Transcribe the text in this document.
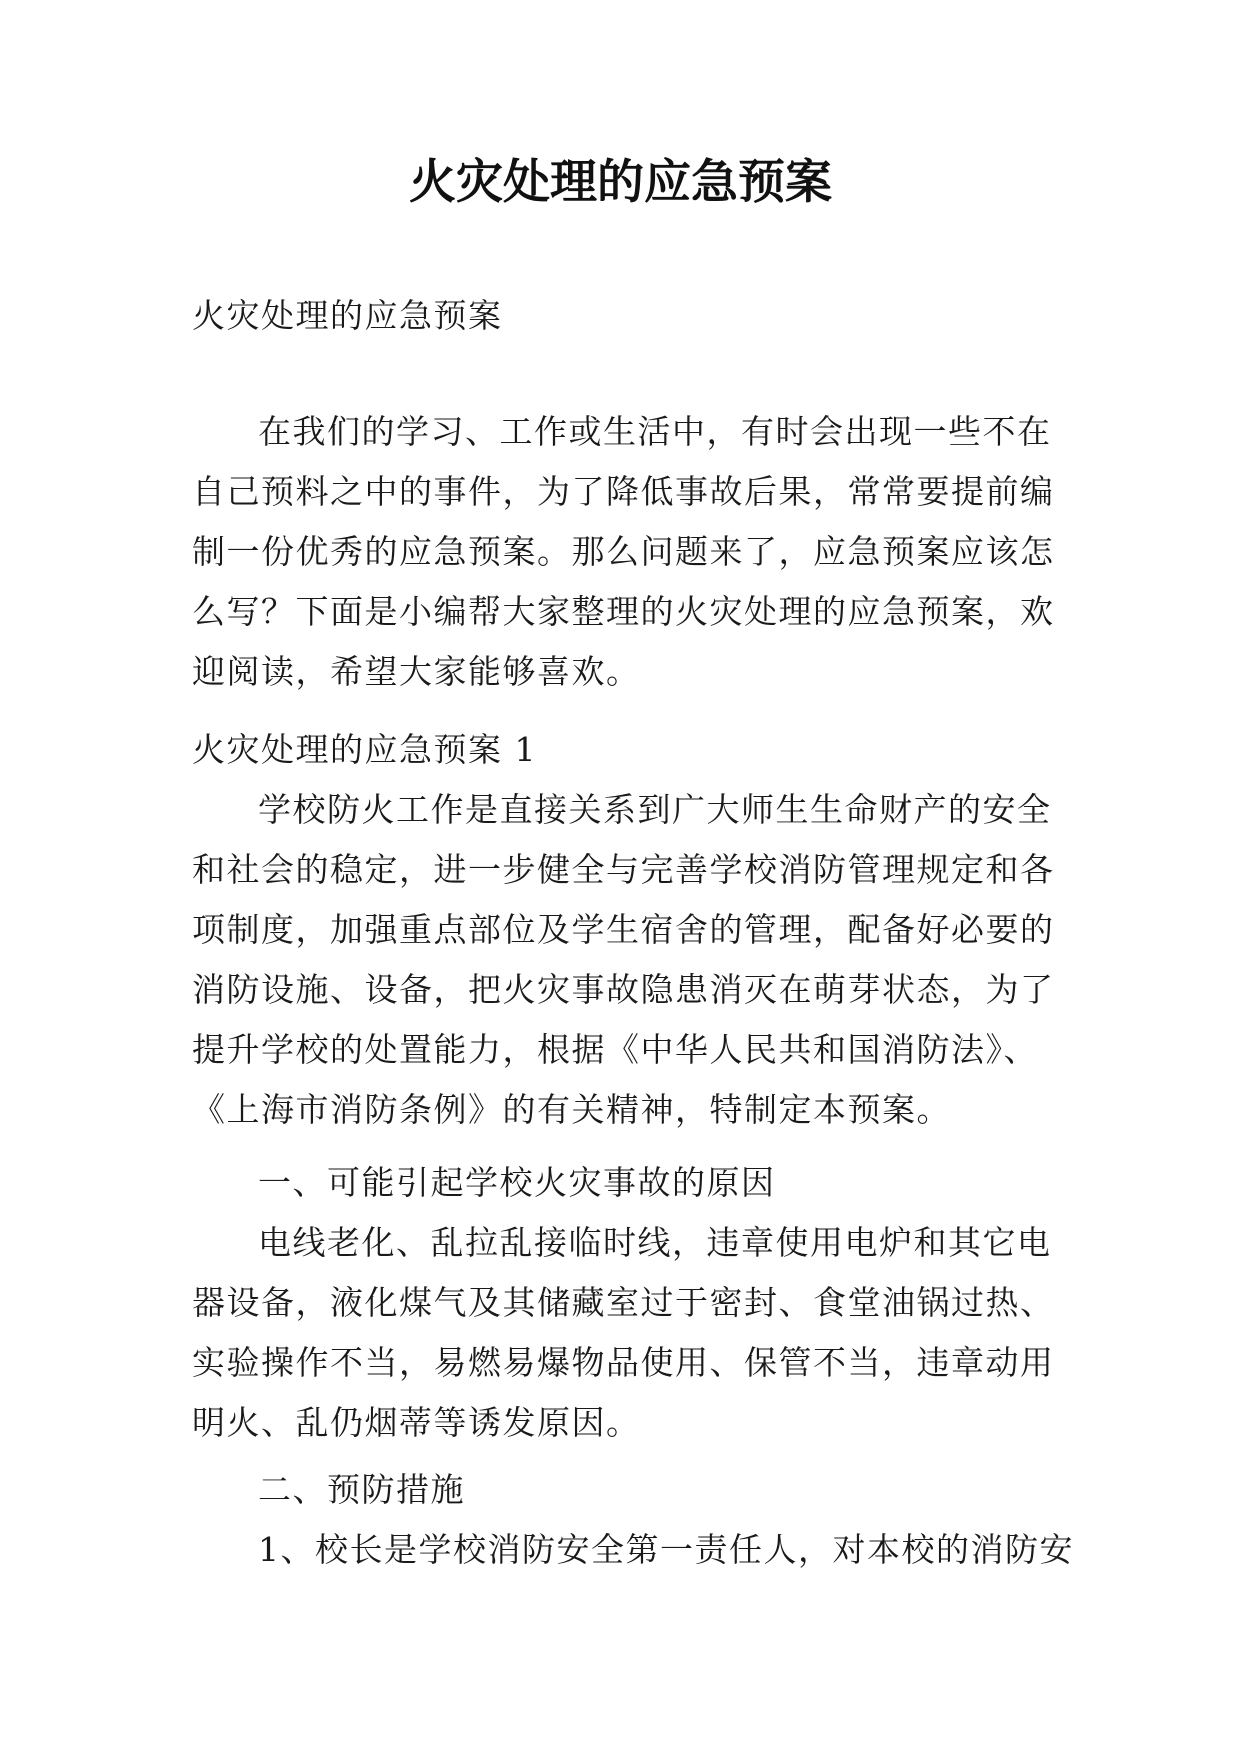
火灾处理的应急预案

火灾处理的应急预案

在我们的学习、工作或生活中，有时会出现一些不在自己预料之中的事件，为了降低事故后果，常常要提前编制一份优秀的应急预案。那么问题来了，应急预案应该怎么写？下面是小编帮大家整理的火灾处理的应急预案，欢迎阅读，希望大家能够喜欢。

火灾处理的应急预案 1

学校防火工作是直接关系到广大师生生命财产的安全和社会的稳定，进一步健全与完善学校消防管理规定和各项制度，加强重点部位及学生宿舍的管理，配备好必要的消防设施、设备，把火灾事故隐患消灭在萌芽状态，为了提升学校的处置能力，根据《中华人民共和国消防法》、《上海市消防条例》的有关精神，特制定本预案。

一、可能引起学校火灾事故的原因

电线老化、乱拉乱接临时线，违章使用电炉和其它电器设备，液化煤气及其储藏室过于密封、食堂油锅过热、实验操作不当，易燃易爆物品使用、保管不当，违章动用明火、乱仍烟蒂等诱发原因。

二、预防措施

1、校长是学校消防安全第一责任人，对本校的消防安
